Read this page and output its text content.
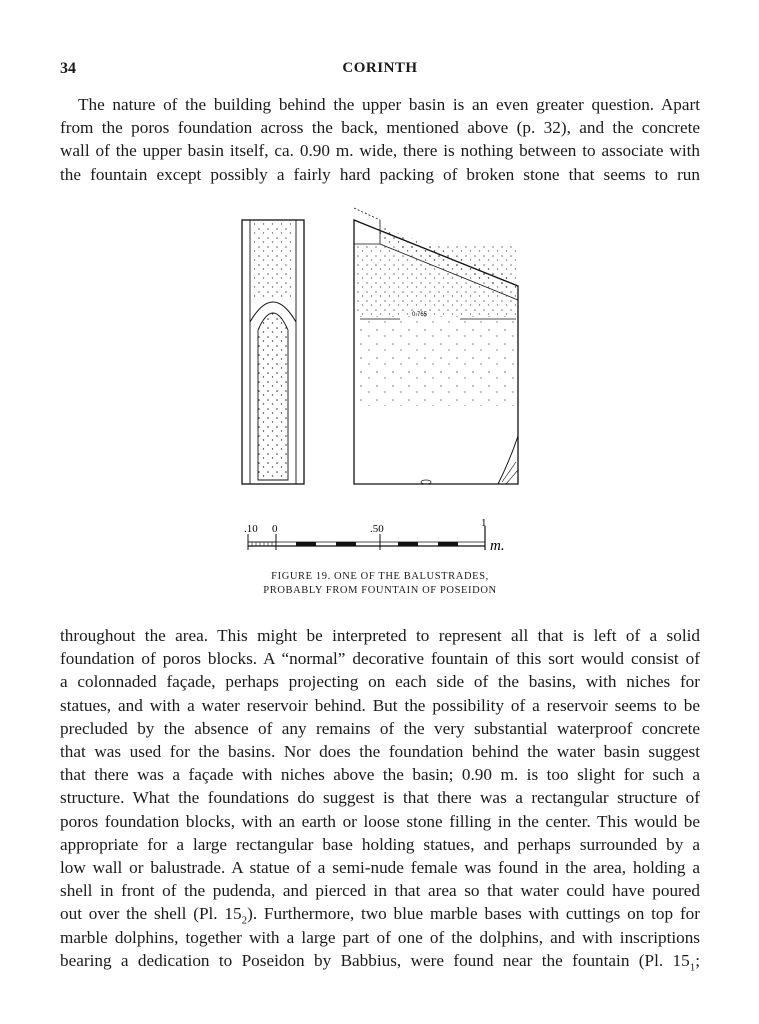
34	CORINTH
The nature of the building behind the upper basin is an even greater question. Apart
from the poros foundation across the back, mentioned above (p. 32), and the concrete
wall of the upper basin itself, ca. 0.90 m. wide, there is nothing between to associate with
the fountain except possibly a fairly hard packing of broken stone that seems to run
0.765
.10 0	.50	1
m.
FIGURE 19. ONE OF THE BALUSTRADES,
PROBABLY FROM FOUNTAIN OF POSEIDON
throughout the area. This might be interpreted to represent all that is left of a solid
foundation of poros blocks. A “normal” decorative fountain of this sort would consist of
a colonnaded façade, perhaps projecting on each side of the basins, with niches for
statues, and with a water reservoir behind. But the possibility of a reservoir seems to be
precluded by the absence of any remains of the very substantial waterproof concrete
that was used for the basins. Nor does the foundation behind the water basin suggest
that there was a façade with niches above the basin; 0.90 m. is too slight for such a
structure. What the foundations do suggest is that there was a rectangular structure of
poros foundation blocks, with an earth or loose stone filling in the center. This would be
appropriate for a large rectangular base holding statues, and perhaps surrounded by a
low wall or balustrade. A statue of a semi-nude female was found in the area, holding a
shell in front of the pudenda, and pierced in that area so that water could have poured
out over the shell (Pl. $15_2$). Furthermore, two blue marble bases with cuttings on top for
marble dolphins, together with a large part of one of the dolphins, and with inscriptions
bearing a dedication to Poseidon by Babbius, were found near the fountain (Pl. $15_1$;
